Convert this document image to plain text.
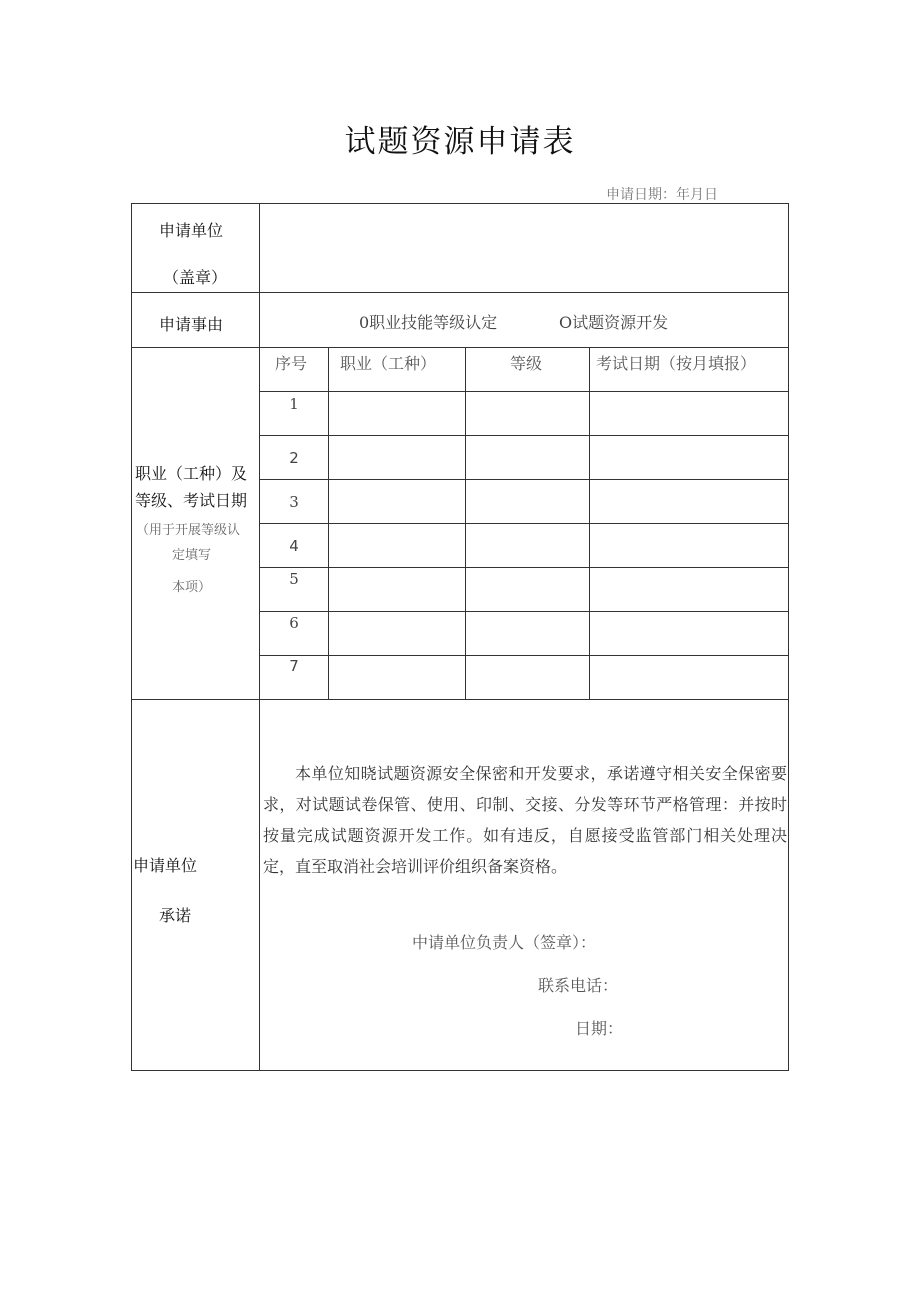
试题资源申请表
申请日期：年月日
申请单位
（盖章）
申请事由	0职业技能等级认定	O试题资源开发
职业（工种）及
等级、考试日期
（用于开展等级认
定填写
本项）
序号 职业（工种）	等级	考试日期（按月填报）
1
2
3
4
5
6
7
申请单位
承诺

本单位知晓试题资源安全保密和开发要求，承诺遵守相关安全保密要求，对试题试卷保管、使用、印制、交接、分发等环节严格管理：并按时按量完成试题资源开发工作。如有违反，自愿接受监管部门相关处理决定，直至取消社会培训评价组织备案资格。

中请单位负责人（签章）：
联系电话：
日期：
